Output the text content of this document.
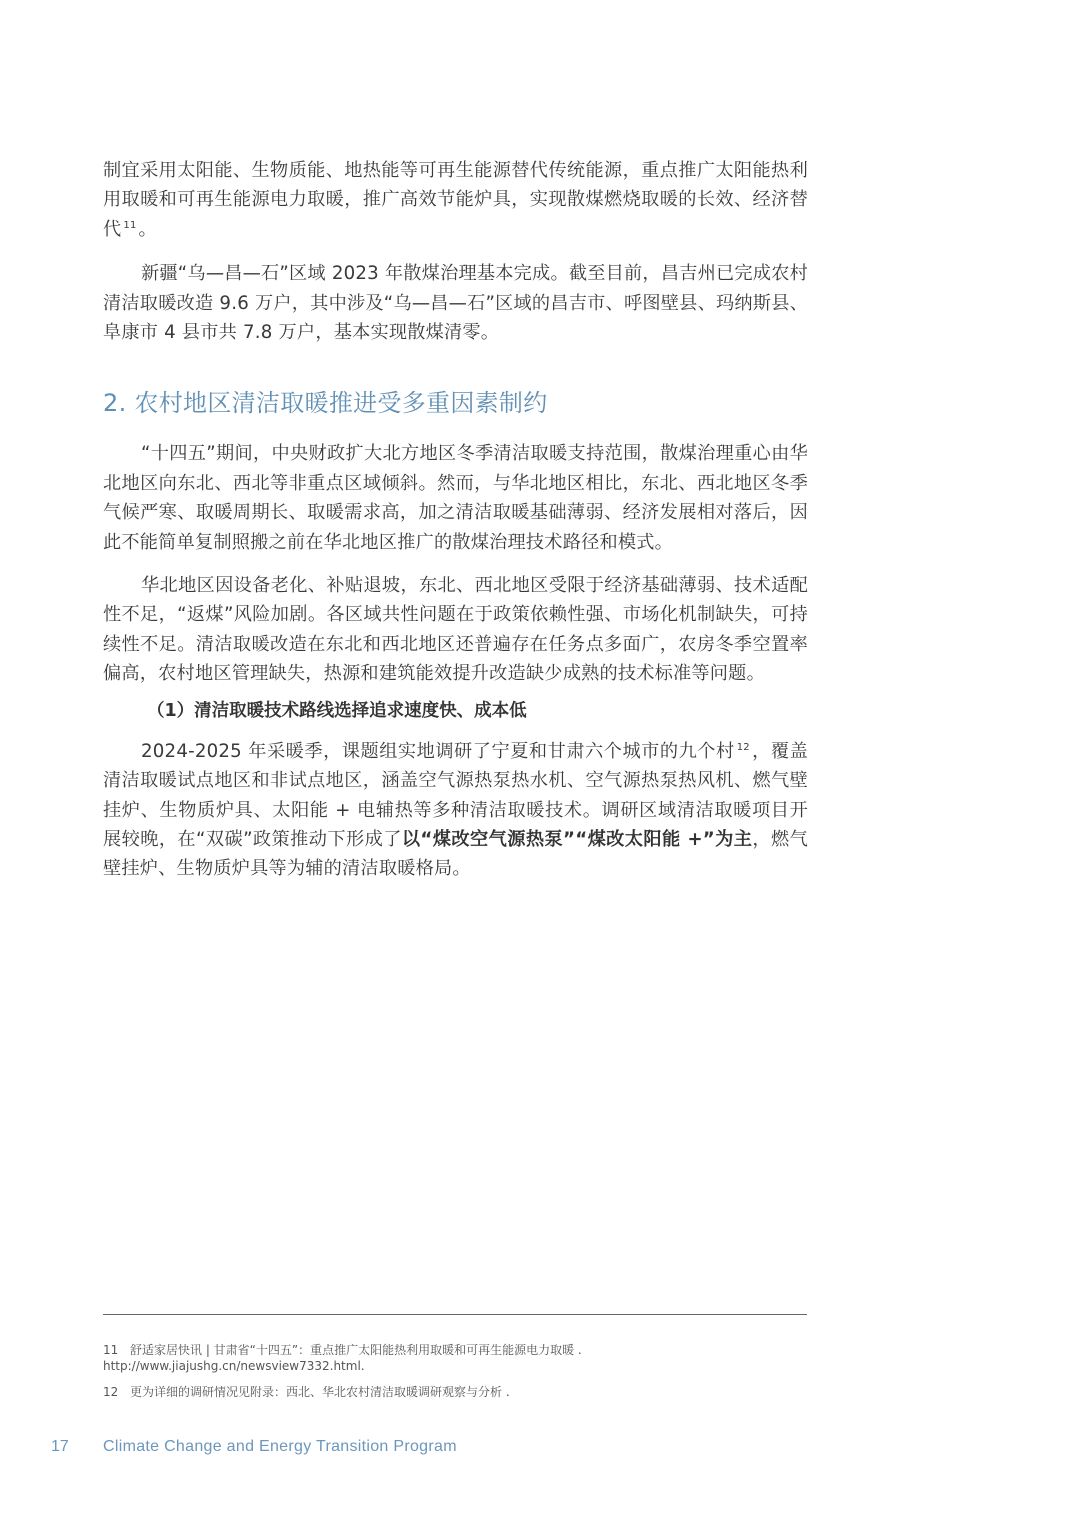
制宜采用太阳能、生物质能、地热能等可再生能源替代传统能源，重点推广太阳能热利用取暖和可再生能源电力取暖，推广高效节能炉具，实现散煤燃烧取暖的长效、经济替代 $^{11}$ 。

新疆“乌—昌—石”区域 2023 年散煤治理基本完成。截至目前，昌吉州已完成农村清洁取暖改造 9.6 万户，其中涉及“乌—昌—石”区域的昌吉市、呼图壁县、玛纳斯县、阜康市 4 县市共 7.8 万户，基本实现散煤清零。

2. 农村地区清洁取暖推进受多重因素制约

“十四五”期间，中央财政扩大北方地区冬季清洁取暖支持范围，散煤治理重心由华北地区向东北、西北等非重点区域倾斜。然而，与华北地区相比，东北、西北地区冬季气候严寒、取暖周期长、取暖需求高，加之清洁取暖基础薄弱、经济发展相对落后，因此不能简单复制照搬之前在华北地区推广的散煤治理技术路径和模式。

华北地区因设备老化、补贴退坡，东北、西北地区受限于经济基础薄弱、技术适配性不足，“返煤”风险加剧。各区域共性问题在于政策依赖性强、市场化机制缺失，可持续性不足。清洁取暖改造在东北和西北地区还普遍存在任务点多面广，农房冬季空置率偏高，农村地区管理缺失，热源和建筑能效提升改造缺少成熟的技术标准等问题。

（1）清洁取暖技术路线选择追求速度快、成本低

2024-2025 年采暖季，课题组实地调研了宁夏和甘肃六个城市的九个村 $^{12}$ ，覆盖清洁取暖试点地区和非试点地区，涵盖空气源热泵热水机、空气源热泵热风机、燃气壁挂炉、生物质炉具、太阳能 + 电辅热等多种清洁取暖技术。调研区域清洁取暖项目开展较晚，在“双碳”政策推动下形成了以“煤改空气源热泵”“煤改太阳能 +”为主，燃气壁挂炉、生物质炉具等为辅的清洁取暖格局。

11 舒适家居快讯 | 甘肃省“十四五”：重点推广太阳能热利用取暖和可再生能源电力取暖 . http://www.jiajushg.cn/newsview7332.html.

12 更为详细的调研情况见附录：西北、华北农村清洁取暖调研观察与分析 .

17 Climate Change and Energy Transition Program
